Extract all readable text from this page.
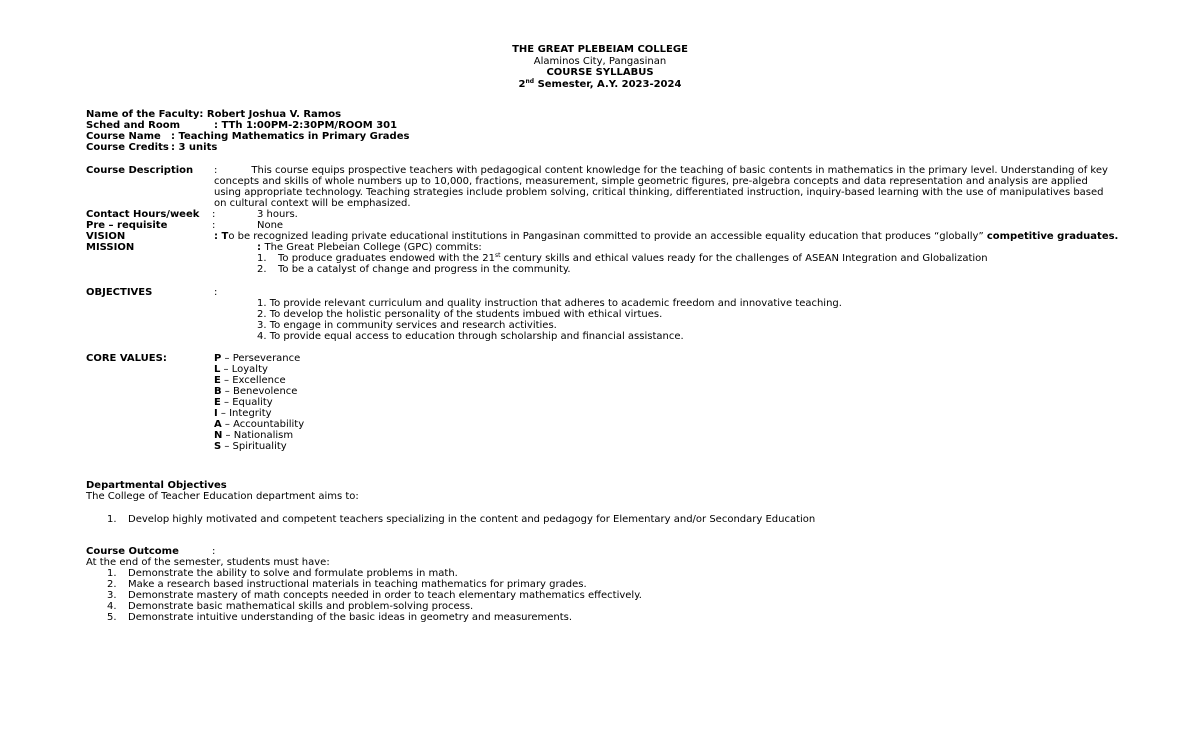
THE GREAT PLEBEIAM COLLEGE
Alaminos City, Pangasinan
COURSE SYLLABUS
2nd Semester, A.Y. 2023-2024
Name of the Faculty: Robert Joshua V. Ramos
Sched and Room	: TTh 1:00PM-2:30PM/ROOM 301
Course Name : Teaching Mathematics in Primary Grades
Course Credits : 3 units
Course Description :	This course equips prospective teachers with pedagogical content knowledge for the teaching of basic contents in mathematics in the primary level. Understanding of key concepts and skills of whole numbers up to 10,000, fractions, measurement, simple geometric figures, pre-algebra concepts and data representation and analysis are applied using appropriate technology. Teaching strategies include problem solving, critical thinking, differentiated instruction, inquiry-based learning with the use of manipulatives based on cultural context will be emphasized.
Contact Hours/week :	3 hours.
Pre – requisite	:	None
VISION	: To be recognized leading private educational institutions in Pangasinan committed to provide an accessible equality education that produces “globally” competitive graduates.
MISSION	: The Great Plebeian College (GPC) commits:
1. To produce graduates endowed with the 21st century skills and ethical values ready for the challenges of ASEAN Integration and Globalization
2. To be a catalyst of change and progress in the community.
OBJECTIVES	:
1. To provide relevant curriculum and quality instruction that adheres to academic freedom and innovative teaching.
2. To develop the holistic personality of the students imbued with ethical virtues.
3. To engage in community services and research activities.
4. To provide equal access to education through scholarship and financial assistance.
CORE VALUES:	P – Perseverance
L – Loyalty
E – Excellence
B – Benevolence
E – Equality
I – Integrity
A – Accountability
N – Nationalism
S – Spirituality
Departmental Objectives
The College of Teacher Education department aims to:
1. Develop highly motivated and competent teachers specializing in the content and pedagogy for Elementary and/or Secondary Education
Course Outcome	:
At the end of the semester, students must have:
1. Demonstrate the ability to solve and formulate problems in math.
2. Make a research based instructional materials in teaching mathematics for primary grades.
3. Demonstrate mastery of math concepts needed in order to teach elementary mathematics effectively.
4. Demonstrate basic mathematical skills and problem-solving process.
5. Demonstrate intuitive understanding of the basic ideas in geometry and measurements.
